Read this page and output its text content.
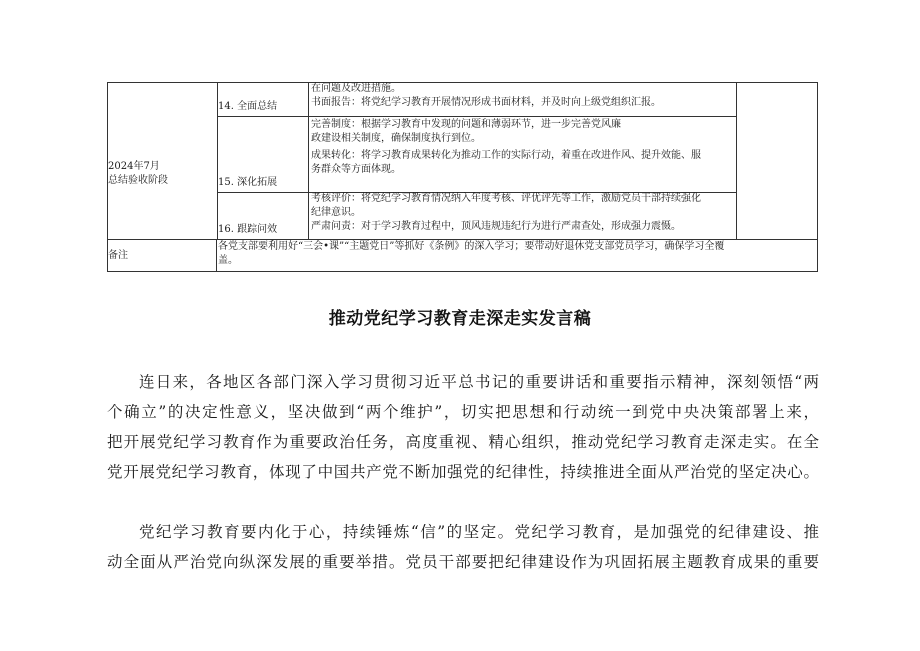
2024年7月
总结验收阶段
14. 全面总结
在问题及改进措施。
书面报告：将党纪学习教育开展情况形成书面材料，并及时向上级党组织汇报。
15. 深化拓展
完善制度：根据学习教育中发现的问题和薄弱环节，进一步完善党风廉
政建设相关制度，确保制度执行到位。
成果转化：将学习教育成果转化为推动工作的实际行动，着重在改进作风、提升效能、服
务群众等方面体现。
16. 跟踪问效
考核评价：将党纪学习教育情况纳入年度考核、评优评先等工作，激励党员干部持续强化
纪律意识。
严肃问责：对于学习教育过程中，顶风违规违纪行为进行严肃查处，形成强力震慑。
备注
各党支部要利用好“三会•课”“主题党日”等抓好《条例》的深入学习；要带动好退休党支部党员学习，确保学习全覆
盖。
推动党纪学习教育走深走实发言稿
连日来，各地区各部门深入学习贯彻习近平总书记的重要讲话和重要指示精神，深刻领悟“两
个确立”的决定性意义，坚决做到“两个维护”，切实把思想和行动统一到党中央决策部署上来，
把开展党纪学习教育作为重要政治任务，高度重视、精心组织，推动党纪学习教育走深走实。在全
党开展党纪学习教育，体现了中国共产党不断加强党的纪律性，持续推进全面从严治党的坚定决心。
党纪学习教育要内化于心，持续锤炼“信”的坚定。党纪学习教育，是加强党的纪律建设、推
动全面从严治党向纵深发展的重要举措。党员干部要把纪律建设作为巩固拓展主题教育成果的重要
